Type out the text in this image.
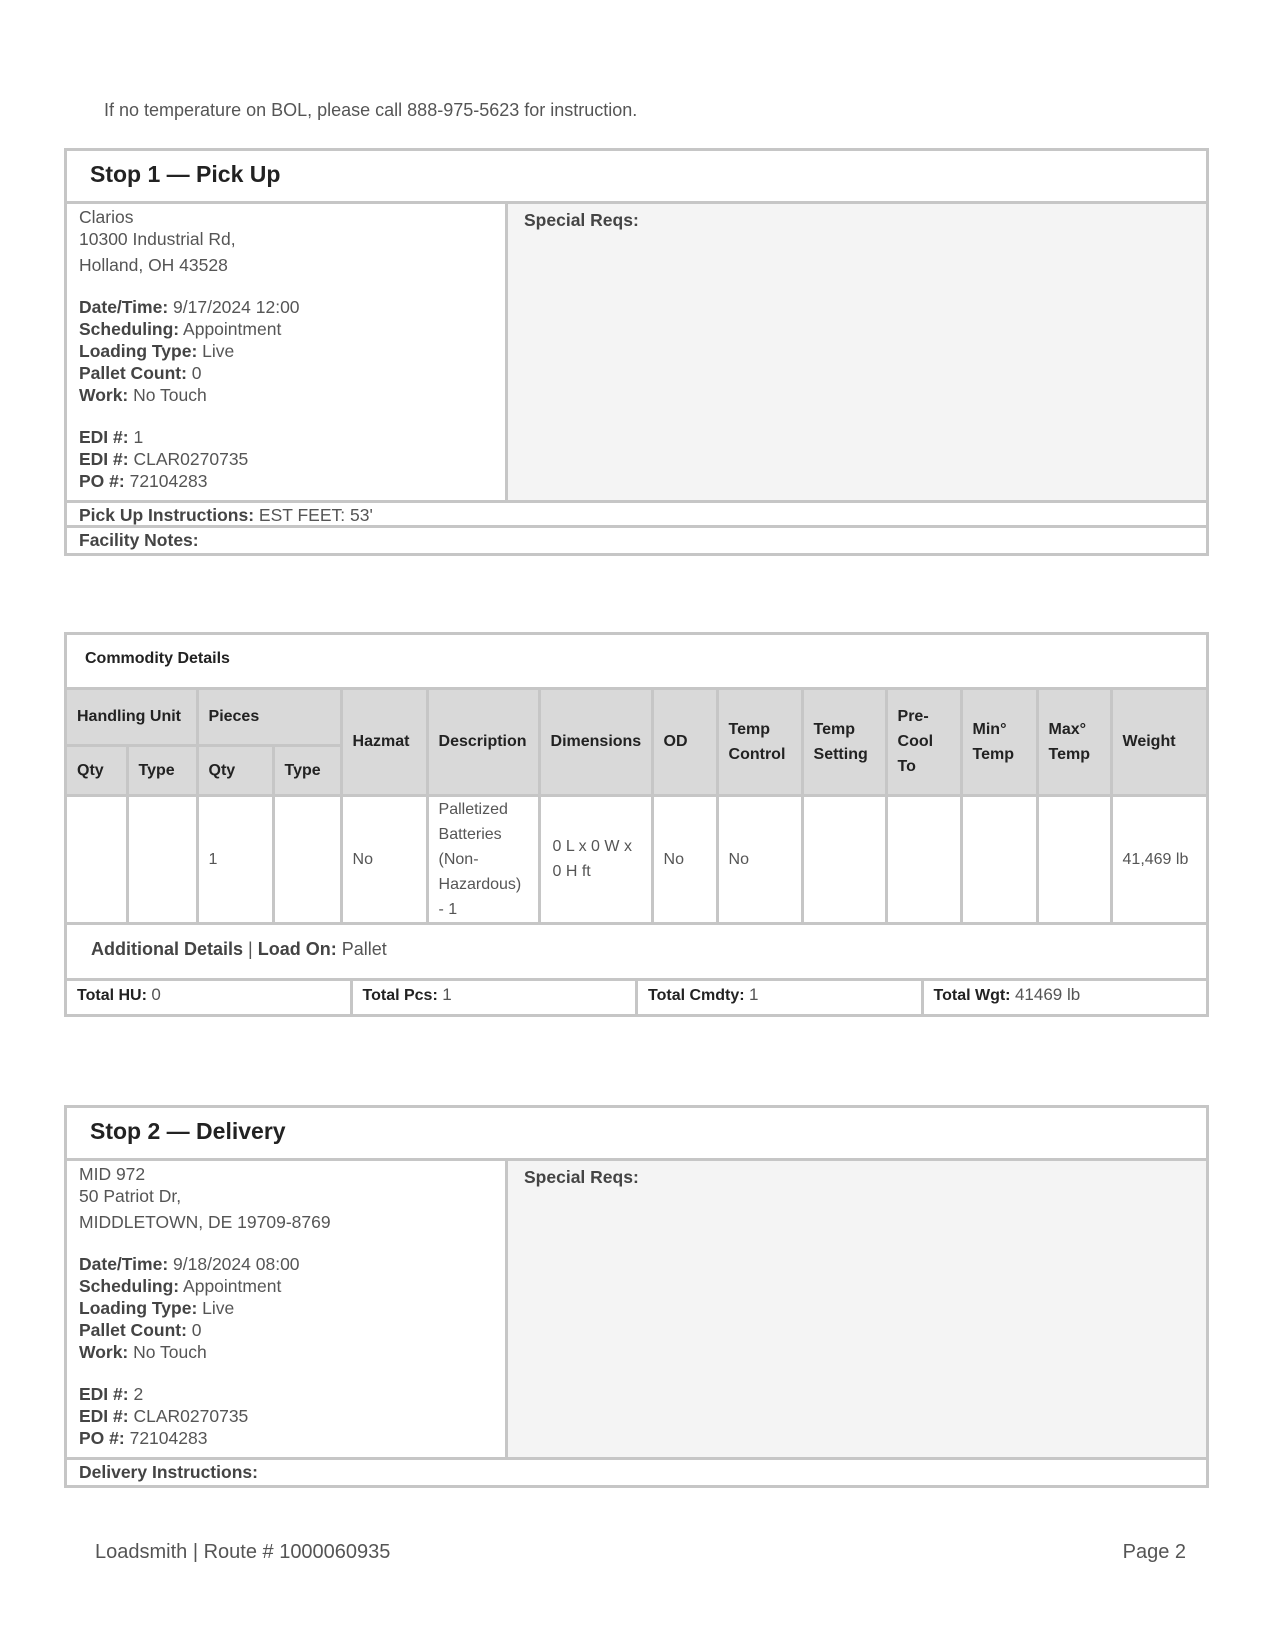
If no temperature on BOL, please call 888-975-5623 for instruction.
Stop 1 — Pick Up
Clarios
10300 Industrial Rd,
Holland, OH 43528
Date/Time: 9/17/2024 12:00
Scheduling: Appointment
Loading Type: Live
Pallet Count: 0
Work: No Touch
EDI #: 1
EDI #: CLAR0270735
PO #: 72104283
Special Reqs:
Pick Up Instructions: EST FEET: 53'
Facility Notes:
Commodity Details
Handling Unit		Pieces		Hazmat	Description	Dimensions	OD	Temp Control	Temp Setting	Pre-Cool To	Min° Temp	Max° Temp	Weight
Qty	Type	Qty	Type										
		1		No	Palletized Batteries (Non-Hazardous) - 1	0 L x 0 W x 0 H ft	No	No					41,469 lb
Additional Details | Load On: Pallet
Total HU: 0	Total Pcs: 1	Total Cmdty: 1	Total Wgt: 41469 lb
Stop 2 — Delivery
MID 972
50 Patriot Dr,
MIDDLETOWN, DE 19709-8769
Date/Time: 9/18/2024 08:00
Scheduling: Appointment
Loading Type: Live
Pallet Count: 0
Work: No Touch
EDI #: 2
EDI #: CLAR0270735
PO #: 72104283
Special Reqs:
Delivery Instructions:
Loadsmith | Route # 1000060935	Page 2
